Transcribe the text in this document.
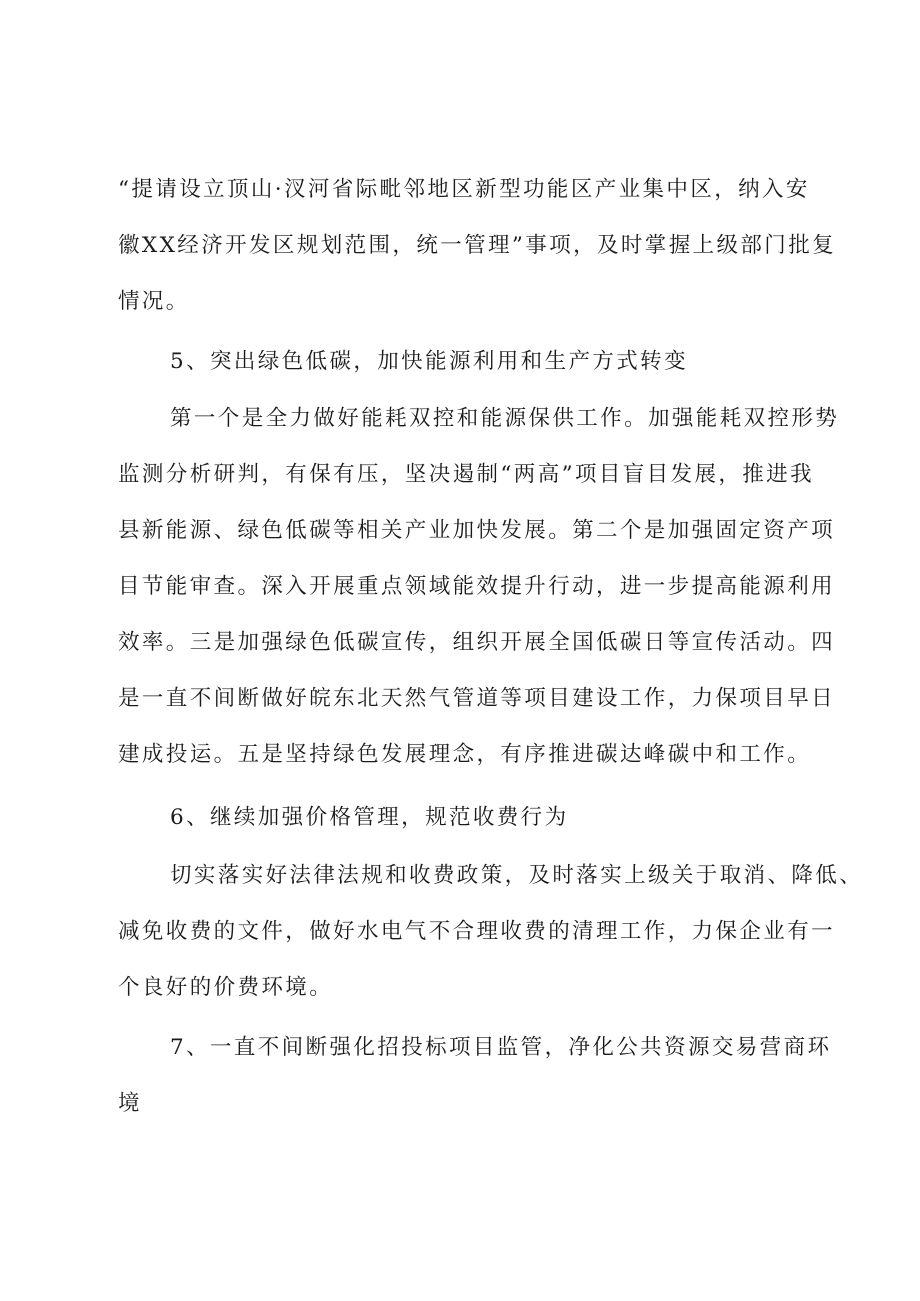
“提请设立顶山·汊河省际毗邻地区新型功能区产业集中区，纳入安
徽XX经济开发区规划范围，统一管理”事项，及时掌握上级部门批复
情况。
5、突出绿色低碳，加快能源利用和生产方式转变
第一个是全力做好能耗双控和能源保供工作。加强能耗双控形势
监测分析研判，有保有压，坚决遏制“两高”项目盲目发展，推进我
县新能源、绿色低碳等相关产业加快发展。第二个是加强固定资产项
目节能审查。深入开展重点领域能效提升行动，进一步提高能源利用
效率。三是加强绿色低碳宣传，组织开展全国低碳日等宣传活动。四
是一直不间断做好皖东北天然气管道等项目建设工作，力保项目早日
建成投运。五是坚持绿色发展理念，有序推进碳达峰碳中和工作。
6、继续加强价格管理，规范收费行为
切实落实好法律法规和收费政策，及时落实上级关于取消、降低、
减免收费的文件，做好水电气不合理收费的清理工作，力保企业有一
个良好的价费环境。
7、一直不间断强化招投标项目监管，净化公共资源交易营商环
境
